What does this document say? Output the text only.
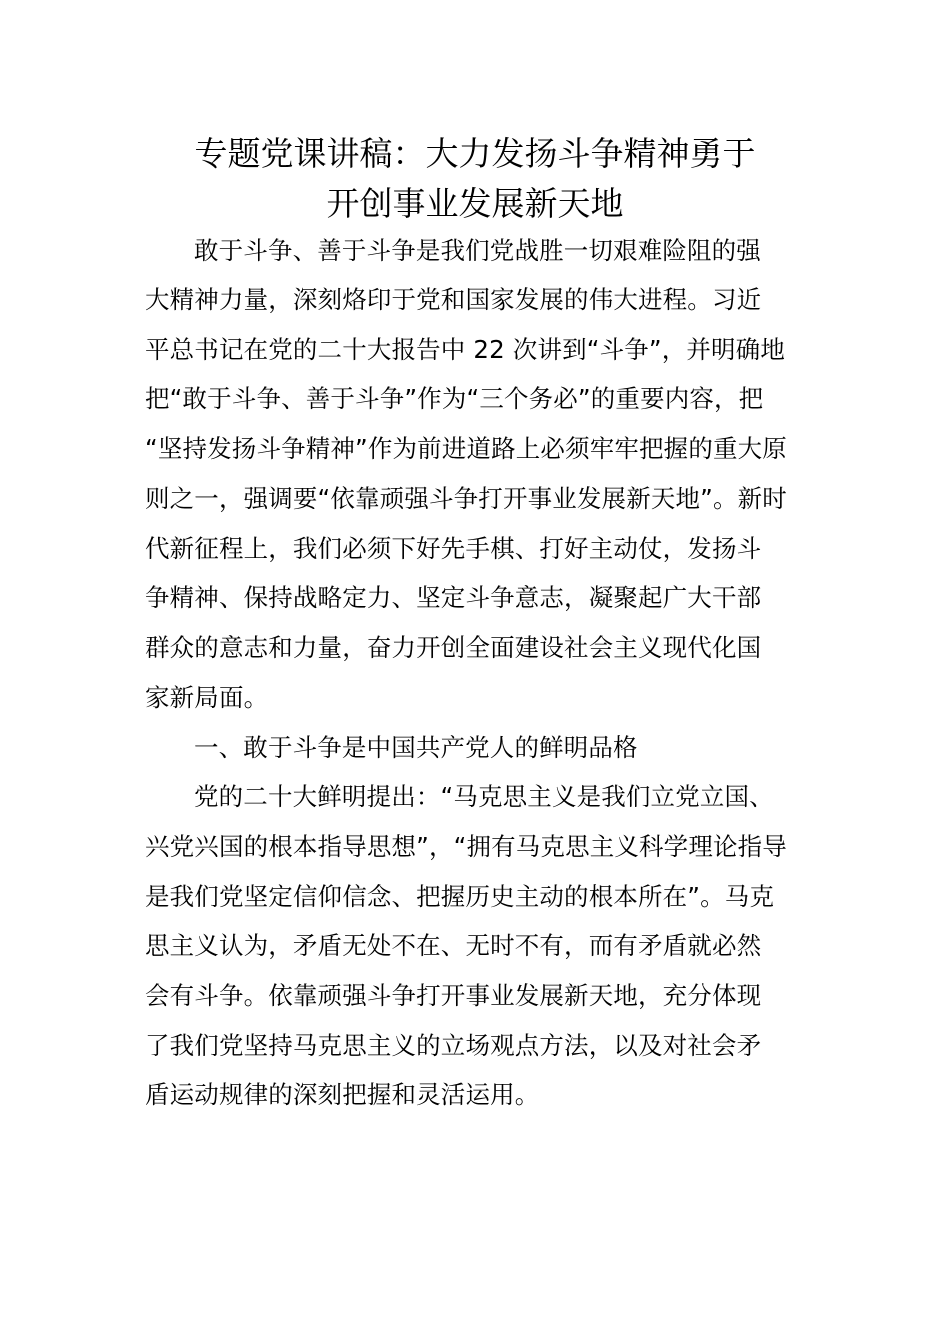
专题党课讲稿：大力发扬斗争精神勇于
开创事业发展新天地
敢于斗争、善于斗争是我们党战胜一切艰难险阻的强
大精神力量，深刻烙印于党和国家发展的伟大进程。习近
平总书记在党的二十大报告中 22 次讲到“斗争”，并明确地
把“敢于斗争、善于斗争”作为“三个务必”的重要内容，把
“坚持发扬斗争精神”作为前进道路上必须牢牢把握的重大原
则之一，强调要“依靠顽强斗争打开事业发展新天地”。新时
代新征程上，我们必须下好先手棋、打好主动仗，发扬斗
争精神、保持战略定力、坚定斗争意志，凝聚起广大干部
群众的意志和力量，奋力开创全面建设社会主义现代化国
家新局面。
一、敢于斗争是中国共产党人的鲜明品格
党的二十大鲜明提出：“马克思主义是我们立党立国、
兴党兴国的根本指导思想”，“拥有马克思主义科学理论指导
是我们党坚定信仰信念、把握历史主动的根本所在”。马克
思主义认为，矛盾无处不在、无时不有，而有矛盾就必然
会有斗争。依靠顽强斗争打开事业发展新天地，充分体现
了我们党坚持马克思主义的立场观点方法，以及对社会矛
盾运动规律的深刻把握和灵活运用。
